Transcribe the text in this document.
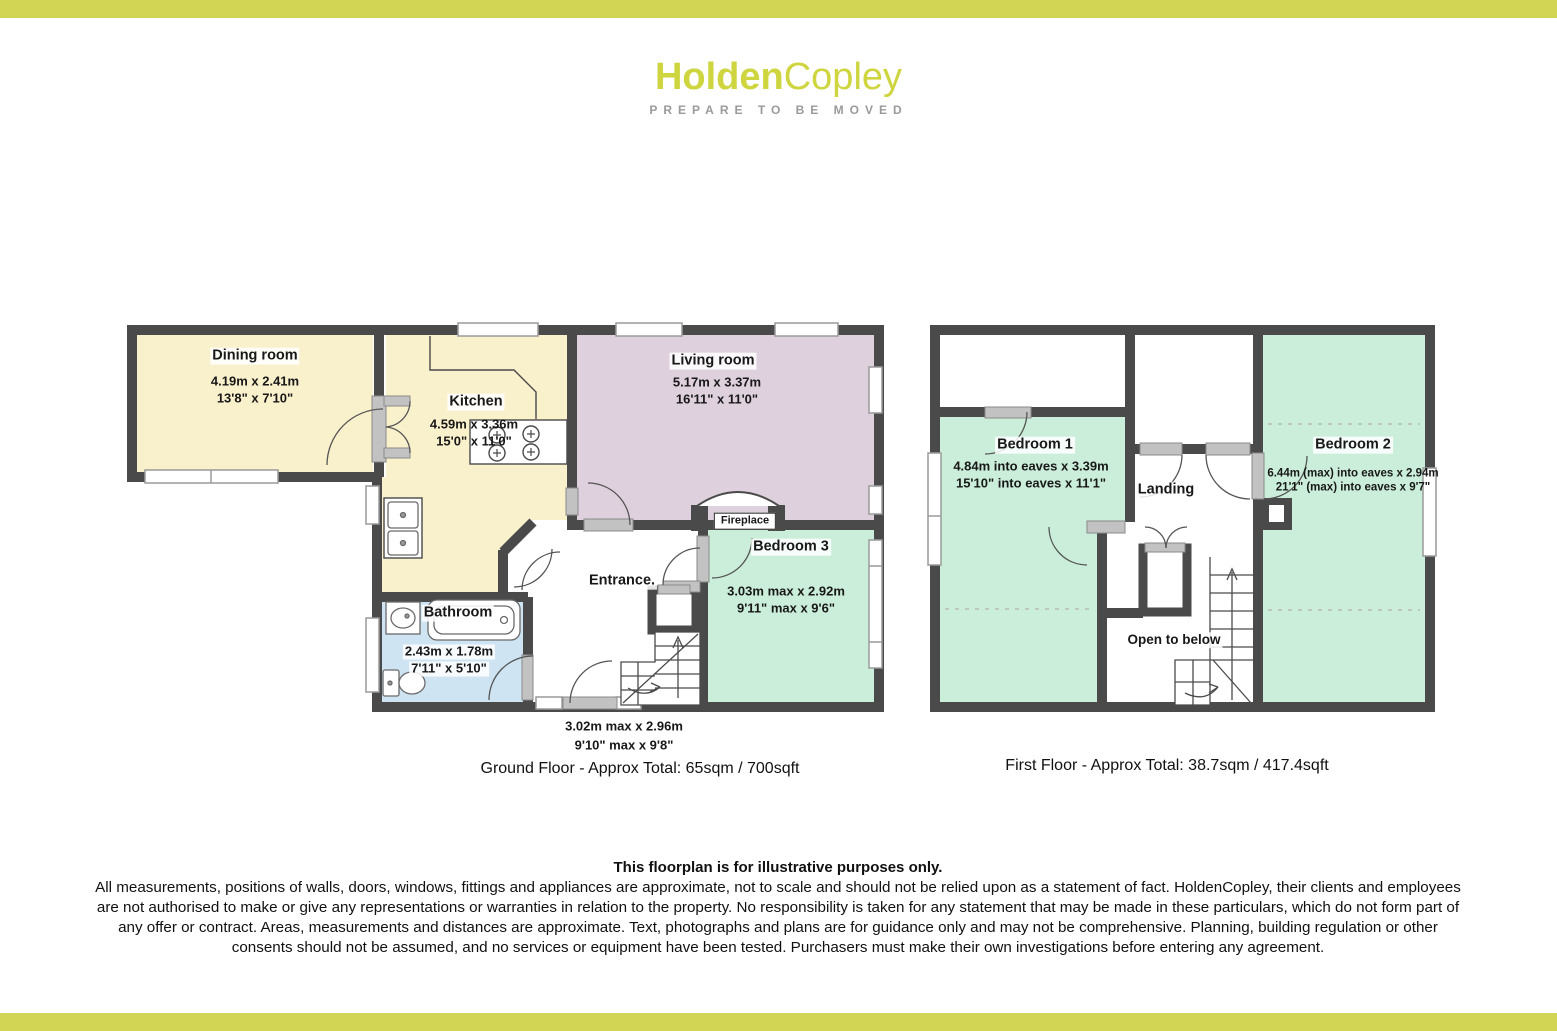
HoldenCopley
PREPARE TO BE MOVED
Dining room
4.19m x 2.41m
13'8" x 7'10"	Kitchen
4.59m x 3.36m
15'0" x 11'0"
Living room
5.17m x 3.37m
16'11" x 11'0"
Fireplace
Bedroom 3
3.03m max x 2.92m
9'11" max x 9'6"
Bathroom
2.43m x 1.78m
7'11" x 5'10"
Entrance.
3.02m max x 2.96m
9'10" max x 9'8"
Ground Floor - Approx Total: 65sqm / 700sqft
Bedroom 1
4.84m into eaves x 3.39m
15'10" into eaves x 11'1"
Bedroom 2
6.44m (max) into eaves x 2.94m
21'1" (max) into eaves x 9'7"
Landing
Open to below
First Floor - Approx Total: 38.7sqm / 417.4sqft
This floorplan is for illustrative purposes only.
All measurements, positions of walls, doors, windows, fittings and appliances are approximate, not to scale and should not be relied upon as a statement of fact. HoldenCopley, their clients and employees are not authorised to make or give any representations or warranties in relation to the property. No responsibility is taken for any statement that may be made in these particulars, which do not form part of any offer or contract. Areas, measurements and distances are approximate. Text, photographs and plans are for guidance only and may not be comprehensive. Planning, building regulation or other consents should not be assumed, and no services or equipment have been tested. Purchasers must make their own investigations before entering any agreement.
